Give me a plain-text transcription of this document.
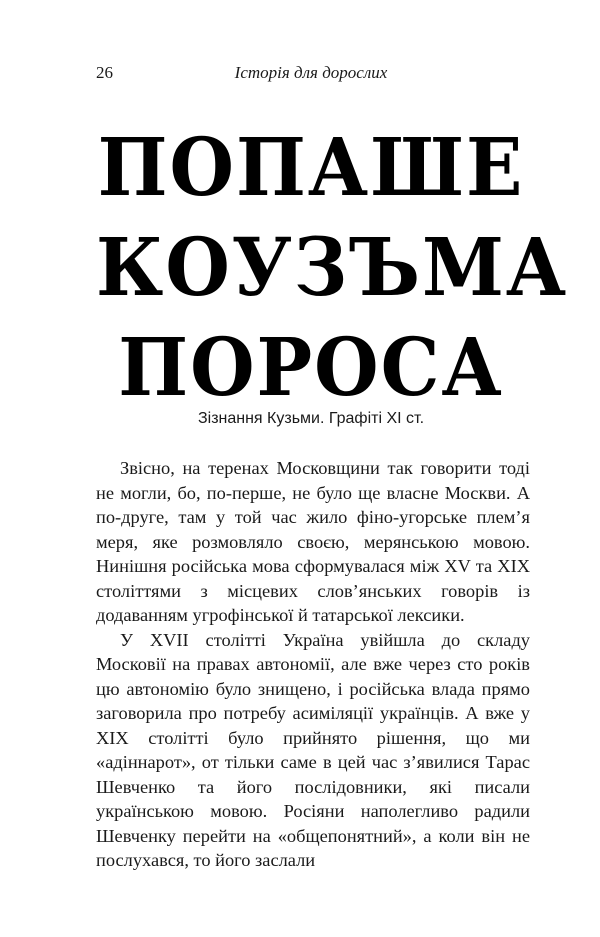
26	Історія для дорослих
ПОПАШЕ
КОУЗЪМА
ПОРОСА
Зізнання Кузьми. Графіті XI ст.

Звісно, на теренах Московщини так говорити тоді не могли, бо, по-перше, не було ще власне Москви. А по-друге, там у той час жило фіно-угорське плем’я меря, яке розмовляло своєю, мерянською мовою. Нинішня російська мова сформувалася між XV та XIX століттями з місцевих слов’янських говорів із додаванням угрофінської й татарської лексики.

У XVII столітті Україна увійшла до складу Московії на правах автономії, але вже через сто років цю автономію було знищено, і російська влада прямо заговорила про потребу асиміляції українців. А вже у XIX столітті було прийнято рішення, що ми «адіннарот», от тільки саме в цей час з’явилися Тарас Шевченко та його послідовники, які писали українською мовою. Росіяни наполегливо радили Шевченку перейти на «общепонятний», а коли він не послухався, то його заслали
